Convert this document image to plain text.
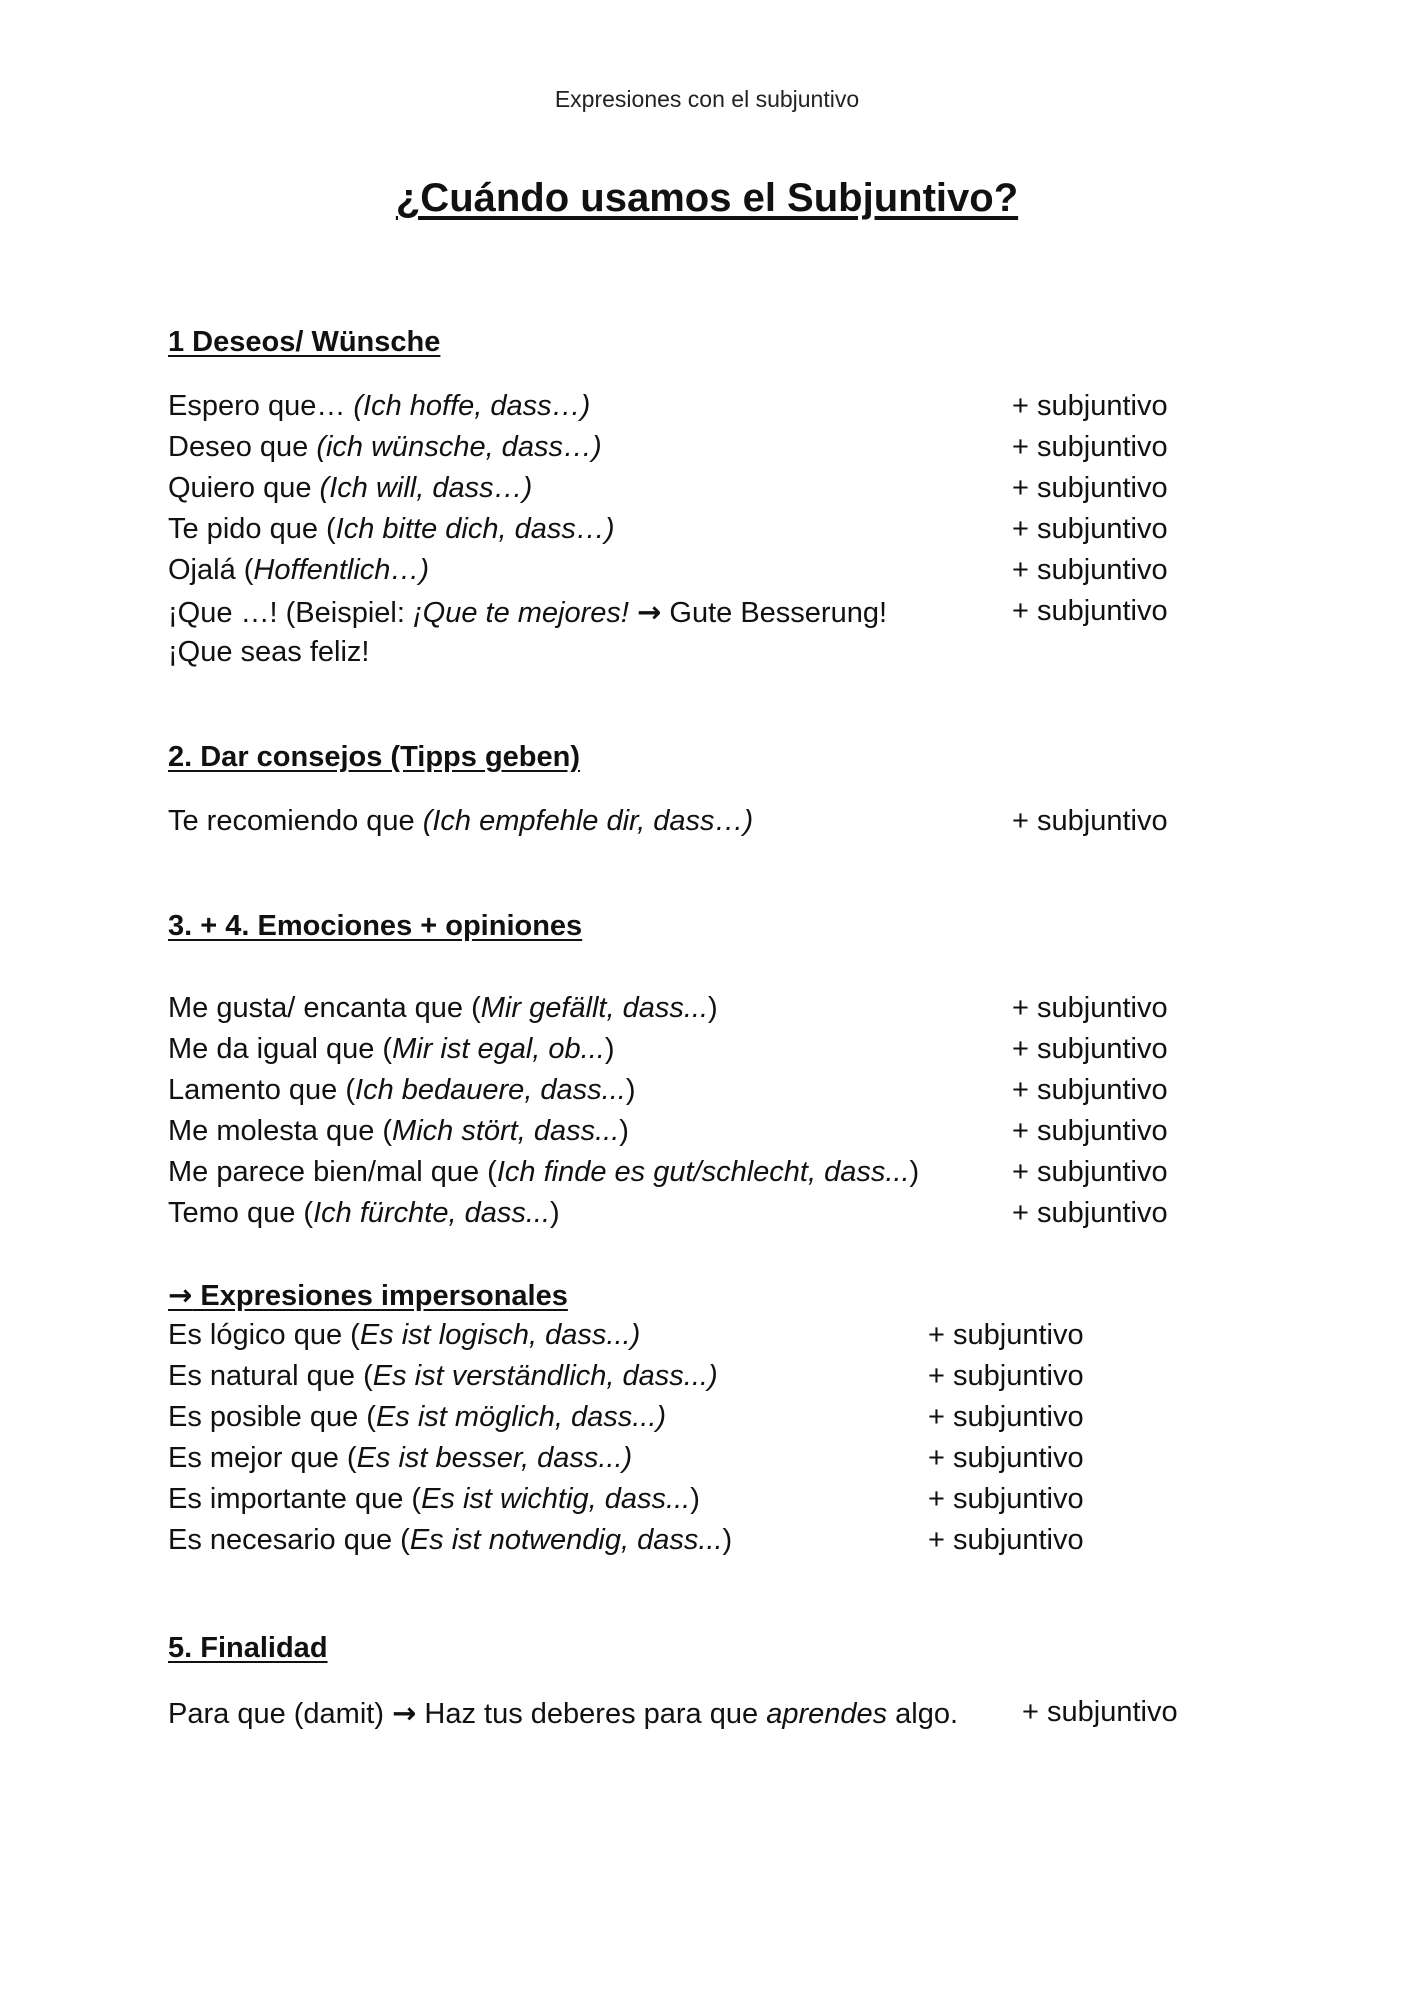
Expresiones con el subjuntivo
¿Cuándo usamos el Subjuntivo?
1 Deseos/ Wünsche
Espero que… (Ich hoffe, dass…)	+ subjuntivo
Deseo que (ich wünsche, dass…)	+ subjuntivo
Quiero que (Ich will, dass…)	+ subjuntivo
Te pido que (Ich bitte dich, dass…)	+ subjuntivo
Ojalá (Hoffentlich…)	+ subjuntivo
¡Que …! (Beispiel: ¡Que te mejores! → Gute Besserung!	+ subjuntivo
¡Que seas feliz!
2. Dar consejos (Tipps geben)
Te recomiendo que (Ich empfehle dir, dass…)	+ subjuntivo
3. + 4. Emociones + opiniones
Me gusta/ encanta que (Mir gefällt, dass...)	+ subjuntivo
Me da igual que (Mir ist egal, ob...)	+ subjuntivo
Lamento que (Ich bedauere, dass...)	+ subjuntivo
Me molesta que (Mich stört, dass...)	+ subjuntivo
Me parece bien/mal que (Ich finde es gut/schlecht, dass...)	+ subjuntivo
Temo que (Ich fürchte, dass...)	+ subjuntivo
→ Expresiones impersonales
Es lógico que (Es ist logisch, dass...)	+ subjuntivo
Es natural que (Es ist verständlich, dass...)	+ subjuntivo
Es posible que (Es ist möglich, dass...)	+ subjuntivo
Es mejor que (Es ist besser, dass...)	+ subjuntivo
Es importante que (Es ist wichtig, dass...)	+ subjuntivo
Es necesario que (Es ist notwendig, dass...)	+ subjuntivo
5. Finalidad
Para que (damit) → Haz tus deberes para que aprendes algo. + subjuntivo
